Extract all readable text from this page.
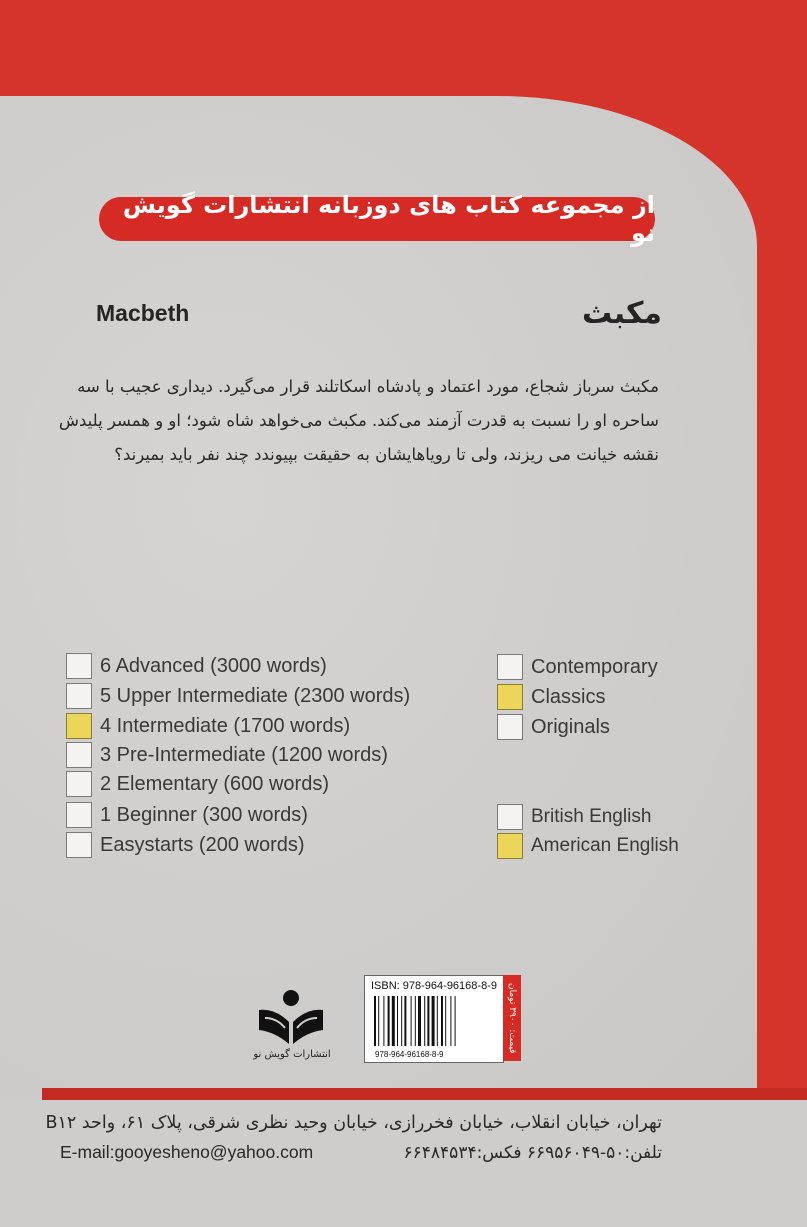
از مجموعه کتاب های دوزبانه انتشارات گویش نو
Macbeth	مکبث

مکبث سرباز شجاع، مورد اعتماد و پادشاه اسکاتلند قرار می‌گیرد. دیداری عجیب با سه

ساحره او را نسبت به قدرت آزمند می‌کند. مکبث می‌خواهد شاه شود؛ او و همسر پلیدش

نقشه خیانت می ریزند، ولی تا رویاهایشان به حقیقت بپیوندد چند نفر باید بمیرند؟

6 Advanced (3000 words)
5 Upper Intermediate (2300 words)
4 Intermediate (1700 words)
3 Pre-Intermediate (1200 words)
2 Elementary (600 words)
1 Beginner (300 words)
Easystarts (200 words)
Contemporary
Classics
Originals
British English
American English
انتشارات گویش نو
ISBN: 978-964-96168-8-9
978-964-96168-8-9
قیمت: ۳۹۰۰ تومان
تهران، خیابان انقلاب، خیابان فخررازی، خیابان وحید نظری شرقی، پلاک ۶۱، واحد B۱۲
تلفن:۵۰-۶۶۹۵۶۰۴۹ فکس:۶۶۴۸۴۵۳۴
E-mail:gooyesheno@yahoo.com
